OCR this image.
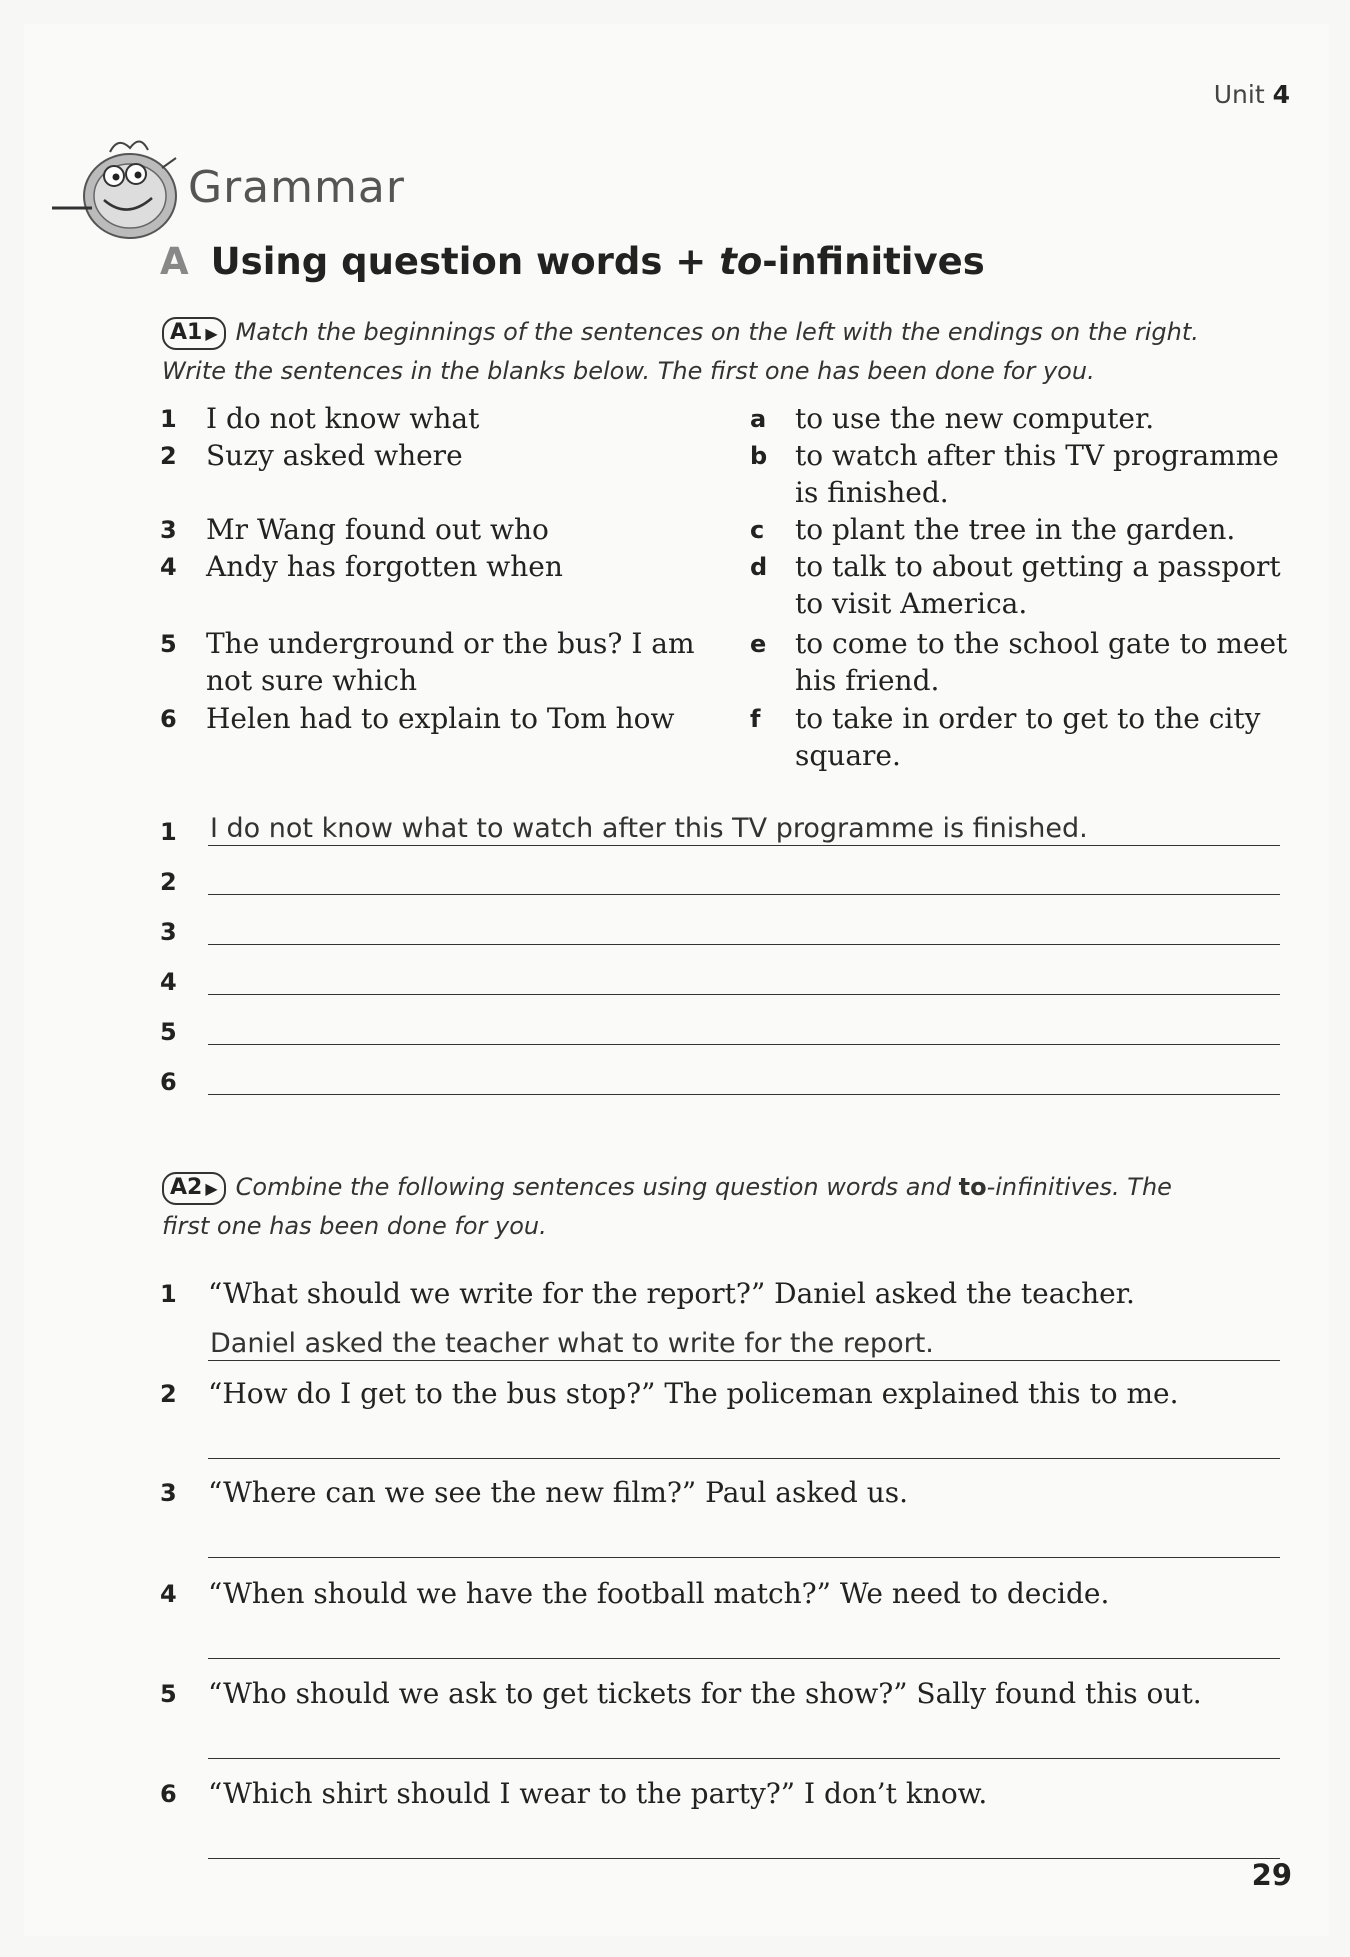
Unit 4
Grammar
A Using question words + to-infinitives
A1 ▶ Match the beginnings of the sentences on the left with the endings on the right.
Write the sentences in the blanks below. The first one has been done for you.
1 I do not know what
2 Suzy asked where
3 Mr Wang found out who
4 Andy has forgotten when
5 The underground or the bus? I am
not sure which
6 Helen had to explain to Tom how
a to use the new computer.
b to watch after this TV programme
is finished.
c to plant the tree in the garden.
d to talk to about getting a passport
to visit America.
e to come to the school gate to meet
his friend.
f to take in order to get to the city
square.
1 I do not know what to watch after this TV programme is finished.
2
3
4
5
6
A2 ▶ Combine the following sentences using question words and to-infinitives. The
first one has been done for you.
1 “What should we write for the report?” Daniel asked the teacher.
Daniel asked the teacher what to write for the report.
2 “How do I get to the bus stop?” The policeman explained this to me.
3 “Where can we see the new film?” Paul asked us.
4 “When should we have the football match?” We need to decide.
5 “Who should we ask to get tickets for the show?” Sally found this out.
6 “Which shirt should I wear to the party?” I don’t know.
29
